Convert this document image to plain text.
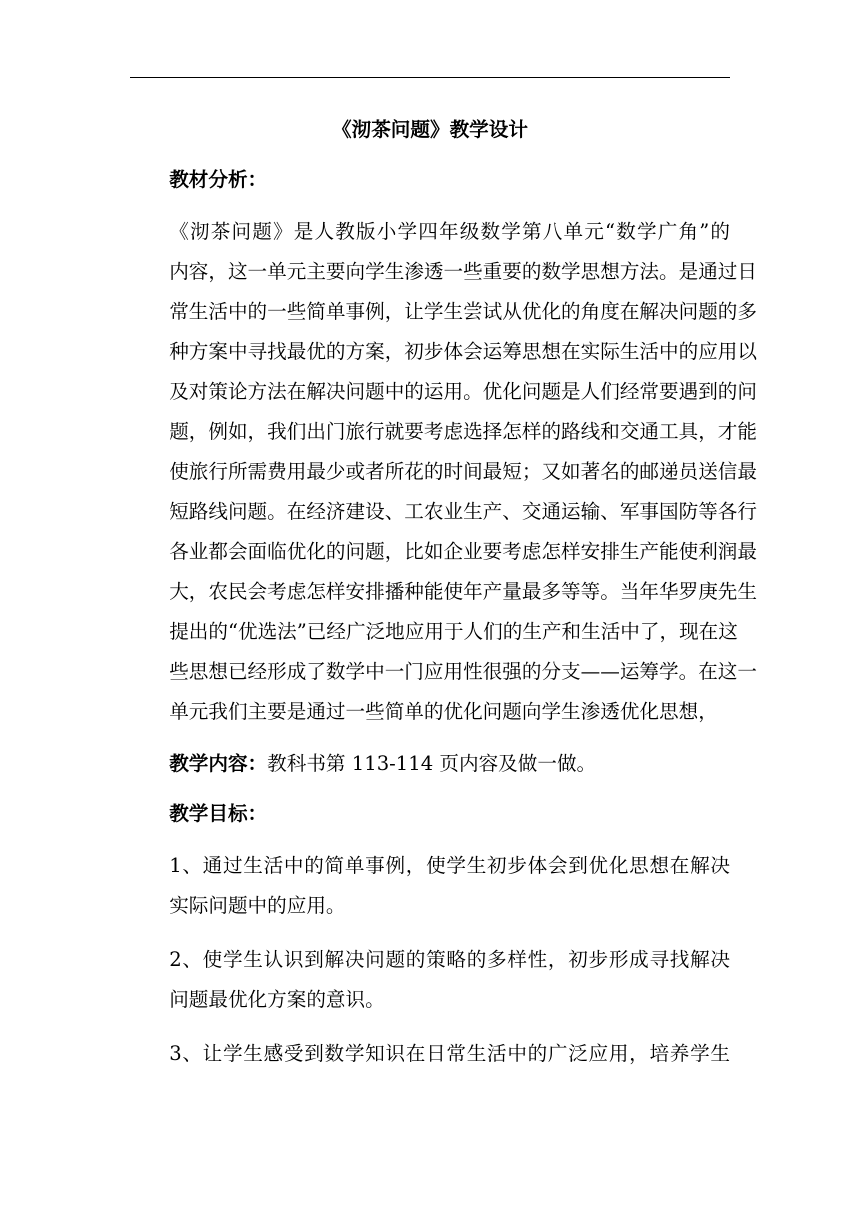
《沏茶问题》教学设计

教材分析：

《沏茶问题》是人教版小学四年级数学第八单元“数学广角”的
内容，这一单元主要向学生渗透一些重要的数学思想方法。是通过日
常生活中的一些简单事例，让学生尝试从优化的角度在解决问题的多
种方案中寻找最优的方案，初步体会运筹思想在实际生活中的应用以
及对策论方法在解决问题中的运用。优化问题是人们经常要遇到的问
题，例如，我们出门旅行就要考虑选择怎样的路线和交通工具，才能
使旅行所需费用最少或者所花的时间最短；又如著名的邮递员送信最
短路线问题。在经济建设、工农业生产、交通运输、军事国防等各行
各业都会面临优化的问题，比如企业要考虑怎样安排生产能使利润最
大，农民会考虑怎样安排播种能使年产量最多等等。当年华罗庚先生
提出的“优选法”已经广泛地应用于人们的生产和生活中了，现在这
些思想已经形成了数学中一门应用性很强的分支——运筹学。在这一
单元我们主要是通过一些简单的优化问题向学生渗透优化思想，

教学内容：教科书第 113-114 页内容及做一做。

教学目标：

1、通过生活中的简单事例，使学生初步体会到优化思想在解决
实际问题中的应用。
2、使学生认识到解决问题的策略的多样性，初步形成寻找解决
问题最优化方案的意识。
3、让学生感受到数学知识在日常生活中的广泛应用，培养学生
